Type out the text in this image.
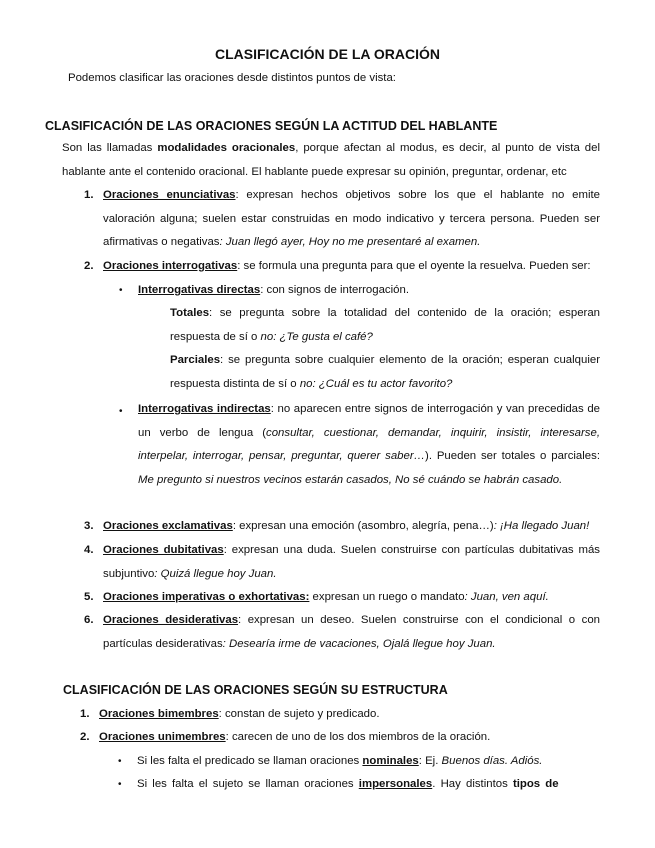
CLASIFICACIÓN DE LA ORACIÓN

Podemos clasificar las oraciones desde distintos puntos de vista:

CLASIFICACIÓN DE LAS ORACIONES SEGÚN LA ACTITUD DEL HABLANTE

Son las llamadas modalidades oracionales, porque afectan al modus, es decir, al punto de vista del hablante ante el contenido oracional. El hablante puede expresar su opinión, preguntar, ordenar, etc

1. Oraciones enunciativas: expresan hechos objetivos sobre los que el hablante no emite valoración alguna; suelen estar construidas en modo indicativo y tercera persona. Pueden ser afirmativas o negativas: Juan llegó ayer, Hoy no me presentaré al examen.

2. Oraciones interrogativas: se formula una pregunta para que el oyente la resuelva. Pueden ser:

• Interrogativas directas: con signos de interrogación.

Totales: se pregunta sobre la totalidad del contenido de la oración; esperan respuesta de sí o no: ¿Te gusta el café?

Parciales: se pregunta sobre cualquier elemento de la oración; esperan cualquier respuesta distinta de sí o no: ¿Cuál es tu actor favorito?

• Interrogativas indirectas: no aparecen entre signos de interrogación y van precedidas de un verbo de lengua (consultar, cuestionar, demandar, inquirir, insistir, interesarse, interpelar, interrogar, pensar, preguntar, querer saber…). Pueden ser totales o parciales: Me pregunto si nuestros vecinos estarán casados, No sé cuándo se habrán casado.

3. Oraciones exclamativas: expresan una emoción (asombro, alegría, pena…): ¡Ha llegado Juan!

4. Oraciones dubitativas: expresan una duda. Suelen construirse con partículas dubitativas más subjuntivo: Quizá llegue hoy Juan.

5. Oraciones imperativas o exhortativas: expresan un ruego o mandato: Juan, ven aquí.

6. Oraciones desiderativas: expresan un deseo. Suelen construirse con el condicional o con partículas desiderativas: Desearía irme de vacaciones, Ojalá llegue hoy Juan.

CLASIFICACIÓN DE LAS ORACIONES SEGÚN SU ESTRUCTURA
1. Oraciones bimembres: constan de sujeto y predicado.

2. Oraciones unimembres: carecen de uno de los dos miembros de la oración.

• Si les falta el predicado se llaman oraciones nominales: Ej. Buenos días. Adiós.

• Si les falta el sujeto se llaman oraciones impersonales. Hay distintos tipos de
